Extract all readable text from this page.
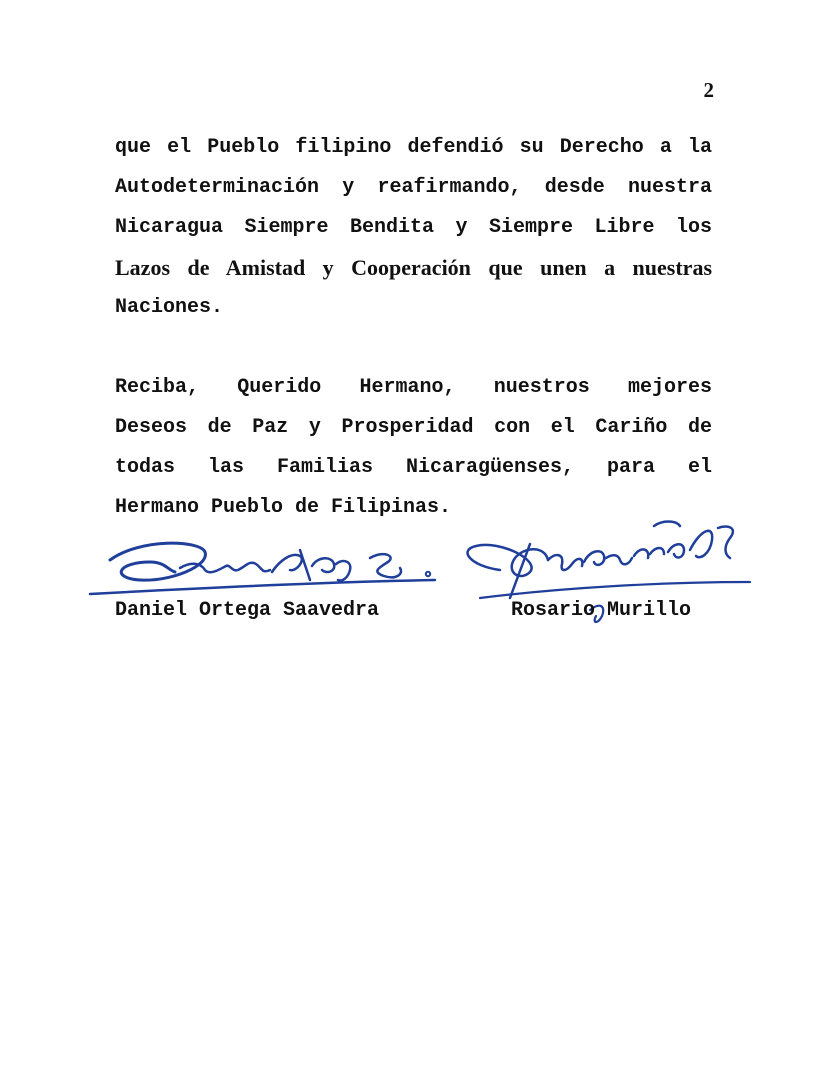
2
que el Pueblo filipino defendió su Derecho a la
Autodeterminación y reafirmando, desde nuestra
Nicaragua Siempre Bendita y Siempre Libre los
Lazos de Amistad y Cooperación que unen a nuestras
Naciones.
Reciba, Querido Hermano, nuestros mejores
Deseos de Paz y Prosperidad con el Cariño de
todas las Familias Nicaragüenses, para el
Hermano Pueblo de Filipinas.
Daniel Ortega Saavedra	Rosario Murillo
